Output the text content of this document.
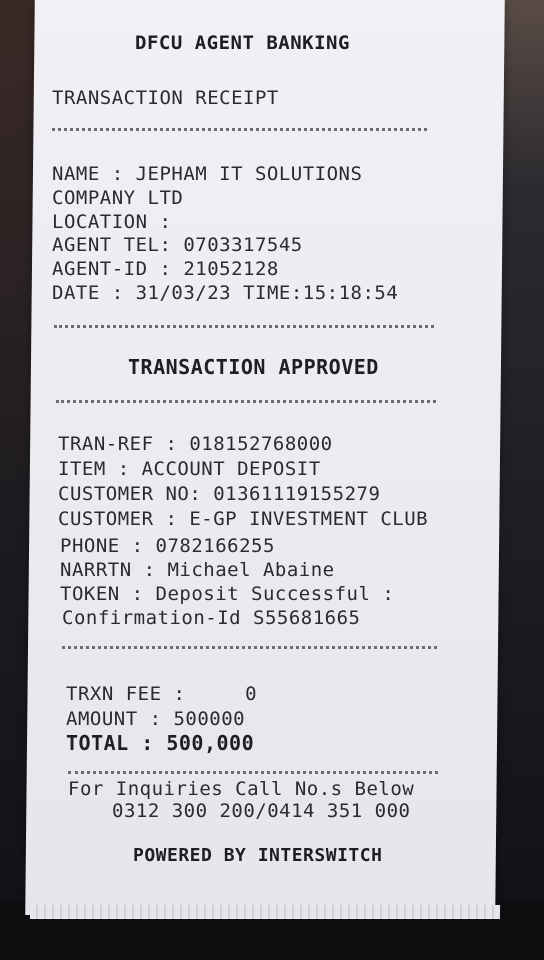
DFCU AGENT BANKING
TRANSACTION RECEIPT
NAME : JEPHAM IT SOLUTIONS
COMPANY LTD
LOCATION :
AGENT TEL: 0703317545
AGENT-ID : 21052128
DATE : 31/03/23 TIME:15:18:54
TRANSACTION APPROVED
TRAN-REF : 018152768000
ITEM : ACCOUNT DEPOSIT
CUSTOMER NO: 01361119155279
CUSTOMER : E-GP INVESTMENT CLUB
PHONE : 0782166255
NARRTN : Michael Abaine
TOKEN : Deposit Successful :
Confirmation-Id S55681665
TRXN FEE :     0
AMOUNT : 500000
TOTAL : 500,000
For Inquiries Call No.s Below
0312 300 200/0414 351 000
POWERED BY INTERSWITCH
